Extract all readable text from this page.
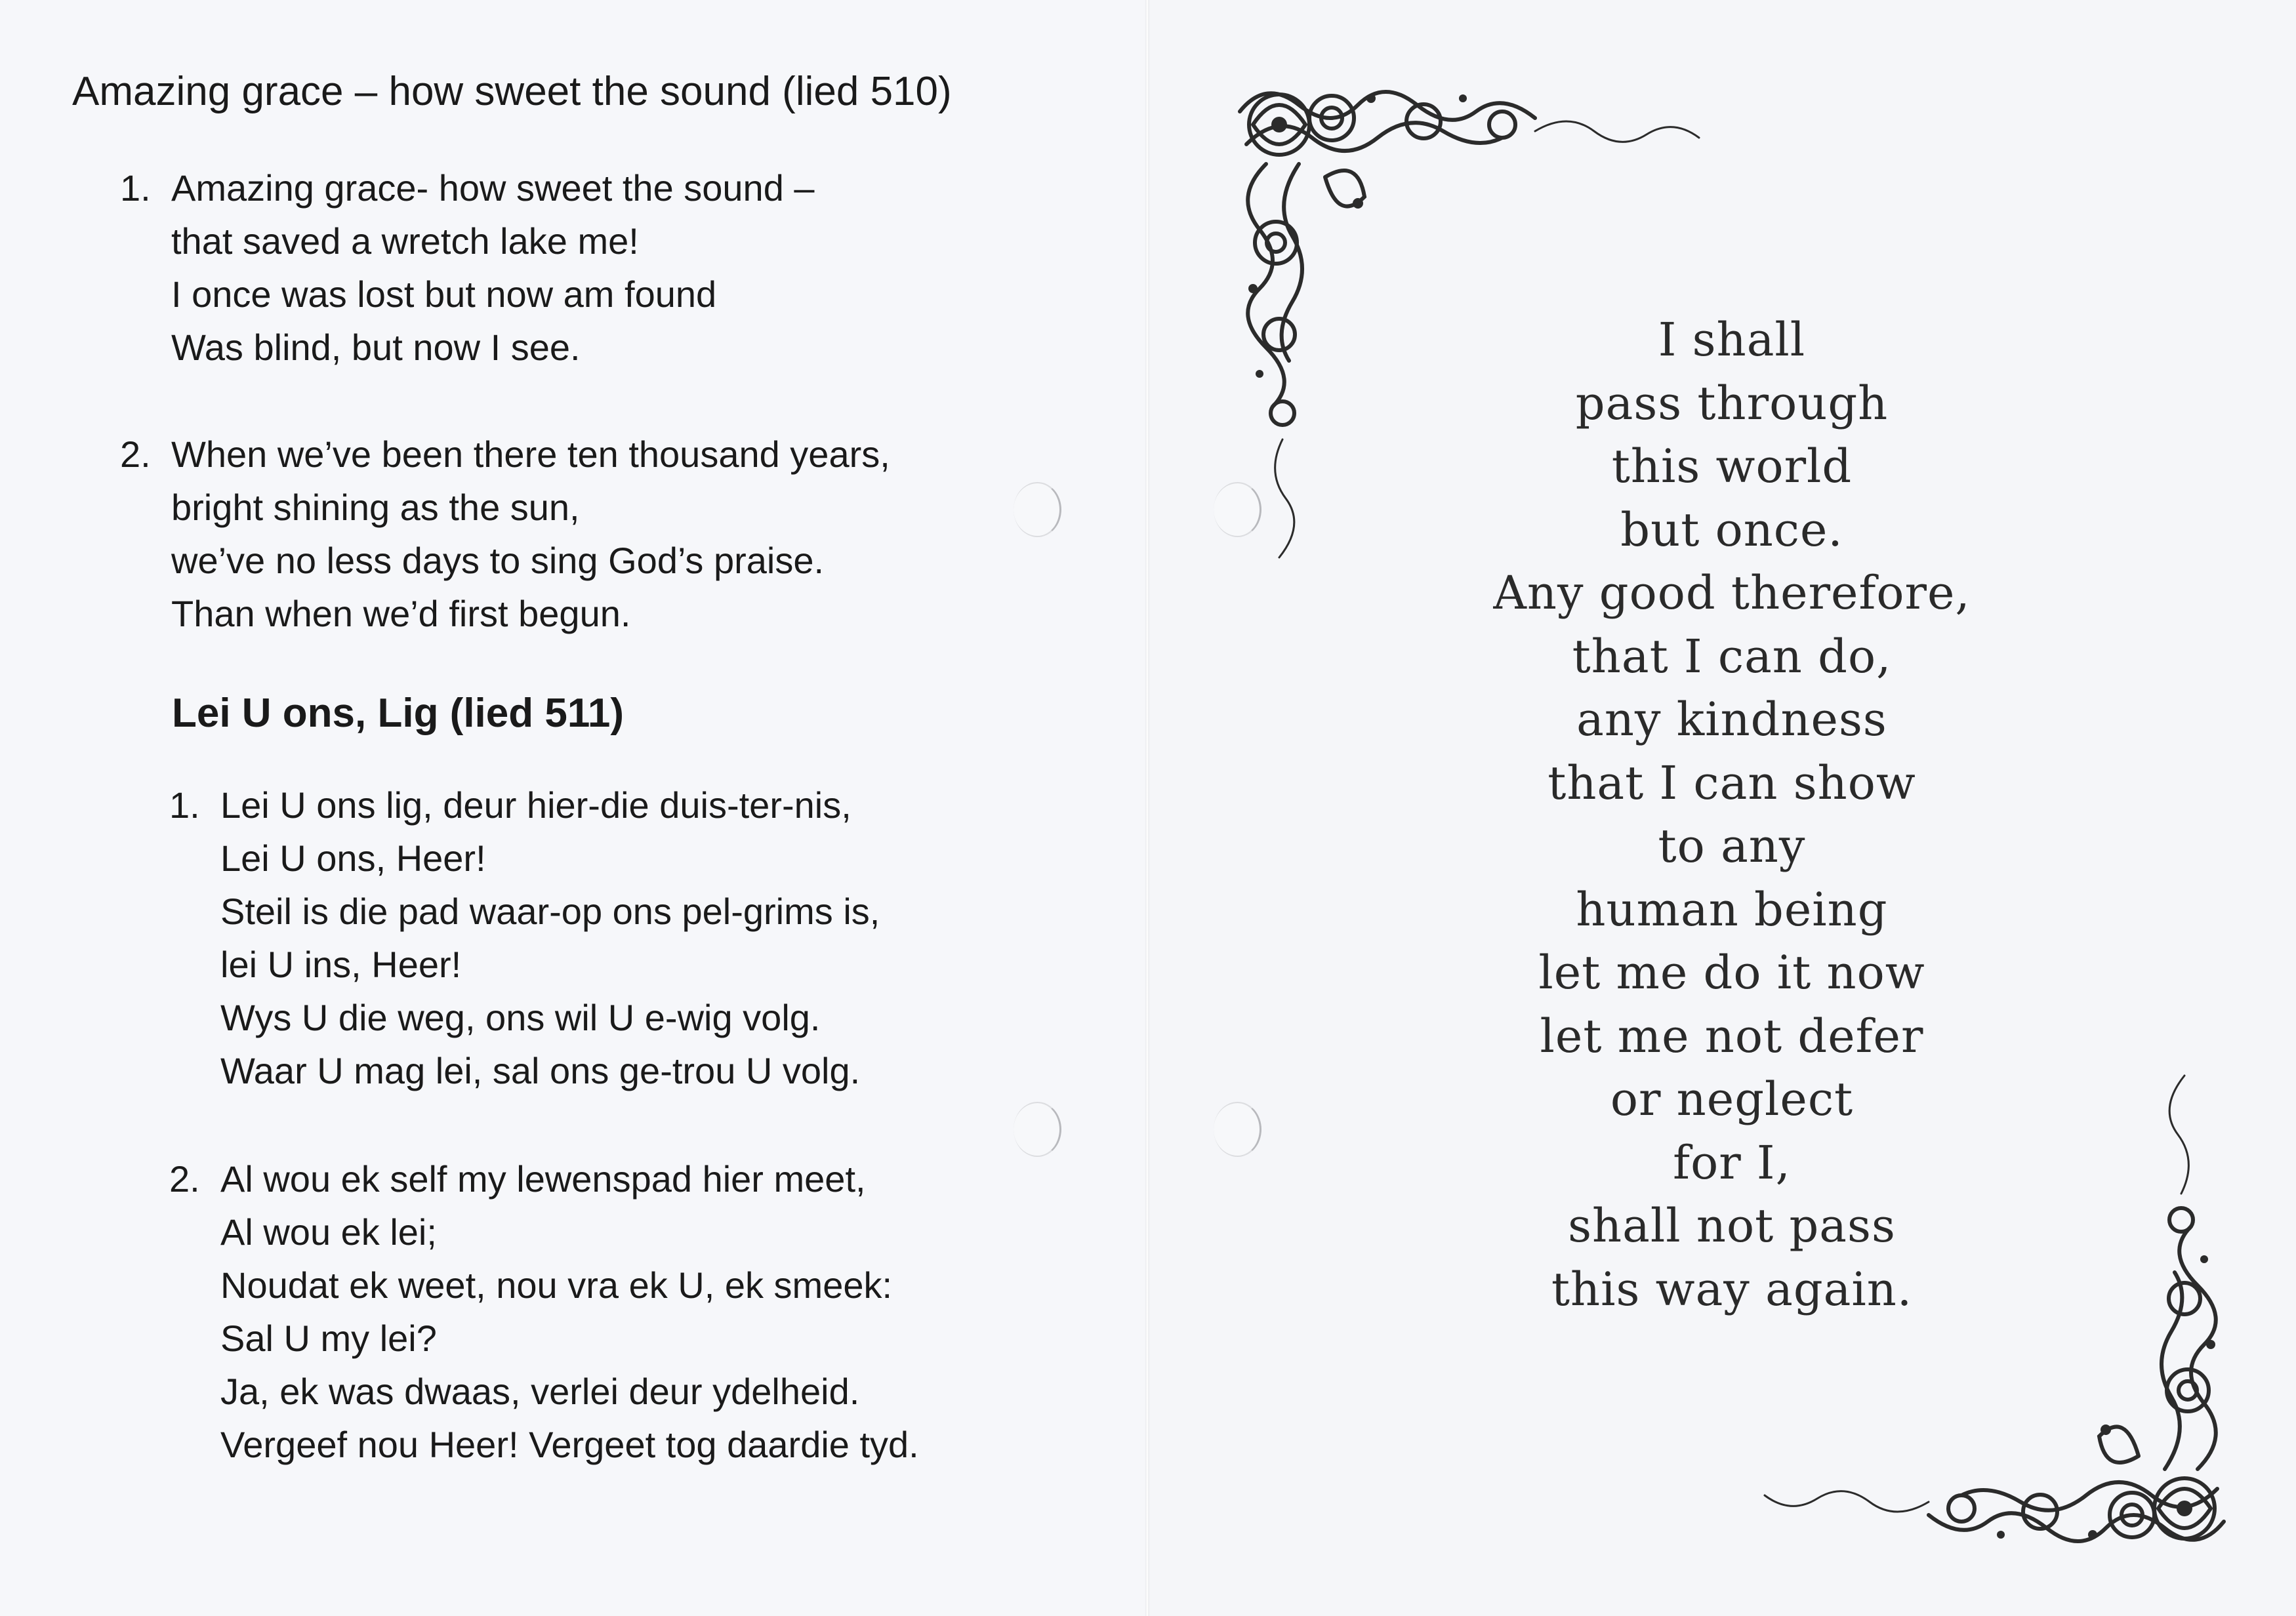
Amazing grace – how sweet the sound (lied 510)
1. Amazing grace- how sweet the sound –
that saved a wretch lake me!
I once was lost but now am found
Was blind, but now I see.
2. When we’ve been there ten thousand years,
bright shining as the sun,
we’ve no less days to sing God’s praise.
Than when we’d first begun.
Lei U ons, Lig (lied 511)
1. Lei U ons lig, deur hier-die duis-ter-nis,
Lei U ons, Heer!
Steil is die pad waar-op ons pel-grims is,
lei U ins, Heer!
Wys U die weg, ons wil U e-wig volg.
Waar U mag lei, sal ons ge-trou U volg.
2. Al wou ek self my lewenspad hier meet,
Al wou ek lei;
Noudat ek weet, nou vra ek U, ek smeek:
Sal U my lei?
Ja, ek was dwaas, verlei deur ydelheid.
Vergeef nou Heer! Vergeet tog daardie tyd.
I shall
pass through
this world
but once.
Any good therefore,
that I can do,
any kindness
that I can show
to any
human being
let me do it now
let me not defer
or neglect
for I,
shall not pass
this way again.
